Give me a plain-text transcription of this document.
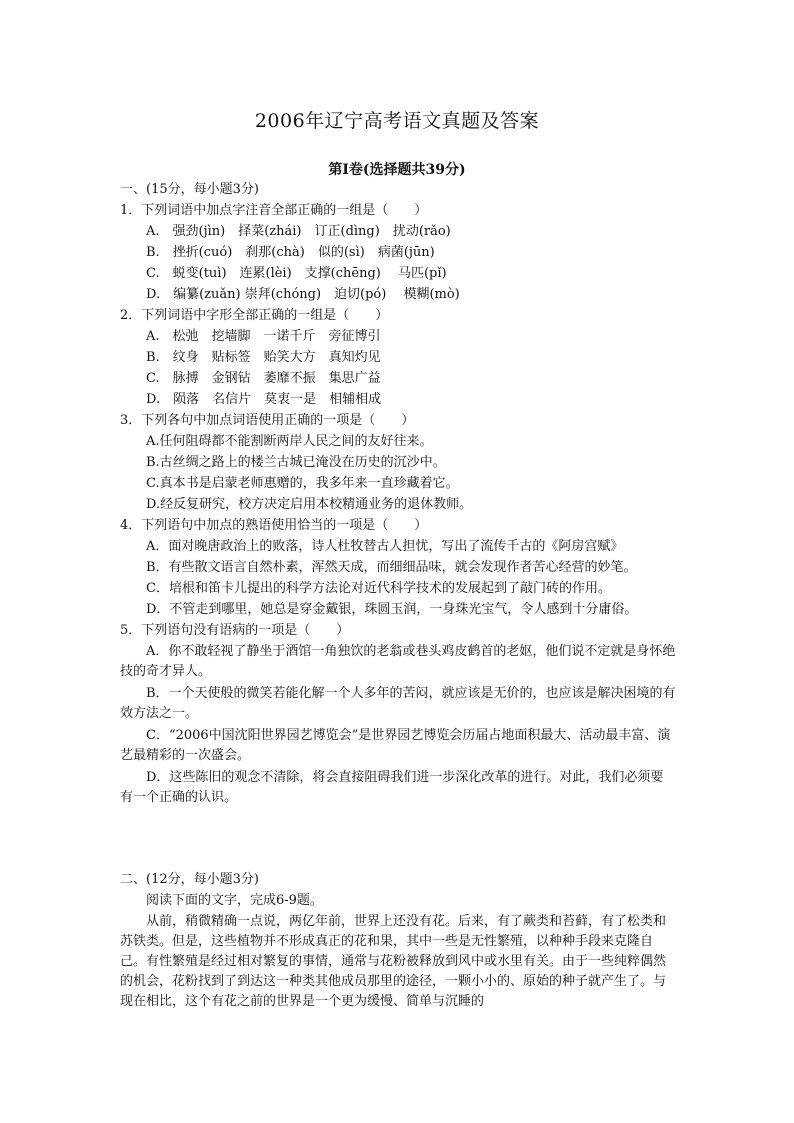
2006年辽宁高考语文真题及答案
第Ⅰ卷(选择题共39分)
一、(15分，每小题3分)
1．下列词语中加点字注音全部正确的一组是（　　）
A.　强劲(jìn)　择菜(zhái)　订正(dìng)　扰动(rǎo)
B.　挫折(cuó)　刹那(chà)　似的(sì)　病菌(jūn)
C.　蜕变(tuì)　连累(lèi)　支撑(chēng)　 马匹(pǐ)
D.　编纂(zuǎn) 崇拜(chóng)　迫切(pó)　 模糊(mò)
2．下列词语中字形全部正确的一组是（　　）
A.　松弛　挖墙脚　一诺千斤　旁征博引
B.　纹身　贴标签　贻笑大方　真知灼见
C.　脉搏　金钢钻　萎靡不振　集思广益
D.　陨落　名信片　莫衷一是　相辅相成
3．下列各句中加点词语使用正确的一项是（　　）
A.任何阻碍都不能割断两岸人民之间的友好往来。
B.古丝绸之路上的楼兰古城已淹没在历史的沉沙中。
C.真本书是启蒙老师惠赠的，我多年来一直珍藏着它。
D.经反复研究，校方决定启用本校精通业务的退休教师。
4．下列语句中加点的熟语使用恰当的一项是（　　）
A．面对晚唐政治上的败落，诗人杜牧替古人担忧，写出了流传千古的《阿房宫赋》
B．有些散文语言自然朴素，浑然天成，而细细品味，就会发现作者苦心经营的妙笔。
C．培根和笛卡儿提出的科学方法论对近代科学技术的发展起到了敲门砖的作用。
D．不管走到哪里，她总是穿金戴银，珠圆玉润，一身珠光宝气，令人感到十分庸俗。
5．下列语句没有语病的一项是（　　）
A．你不敢轻视了静坐于酒馆一角独饮的老翁或巷头鸡皮鹤首的老妪，他们说不定就是身怀绝技的奇才异人。
B．一个天使般的微笑若能化解一个人多年的苦闷，就应该是无价的，也应该是解决困境的有效方法之一。
C．“2006中国沈阳世界园艺博览会”是世界园艺博览会历届占地面积最大、活动最丰富、演艺最精彩的一次盛会。
D．这些陈旧的观念不清除，将会直接阻碍我们进一步深化改革的进行。对此，我们必须要有一个正确的认识。
二、(12分，每小题3分)
阅读下面的文字，完成6-9题。
从前，稍微精确一点说，两亿年前，世界上还没有花。后来，有了蕨类和苔藓，有了松类和苏铁类。但是，这些植物并不形成真正的花和果，其中一些是无性繁殖，以种种手段来克隆自己。有性繁殖是经过相对繁复的事情，通常与花粉被释放到风中或水里有关。由于一些纯粹偶然的机会，花粉找到了到达这一种类其他成员那里的途径，一颗小小的、原始的种子就产生了。与现在相比，这个有花之前的世界是一个更为缓慢、简单与沉睡的
